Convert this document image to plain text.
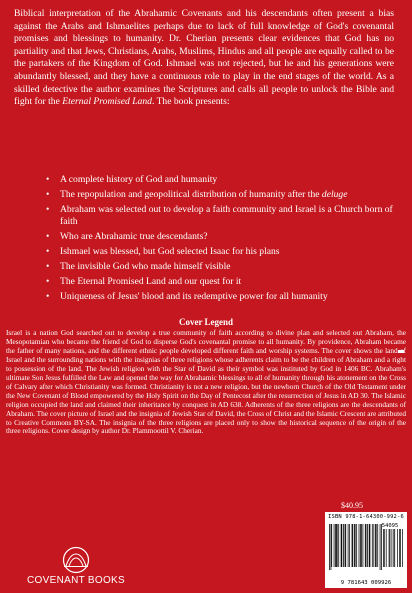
Biblical interpretation of the Abrahamic Covenants and his descendants often present a bias against the Arabs and Ishmaelites perhaps due to lack of full knowledge of God's covenantal promises and blessings to humanity. Dr. Cherian presents clear evidences that God has no partiality and that Jews, Christians, Arabs, Muslims, Hindus and all people are equally called to be the partakers of the Kingdom of God. Ishmael was not rejected, but he and his generations were abundantly blessed, and they have a continuous role to play in the end stages of the world. As a skilled detective the author examines the Scriptures and calls all people to unlock the Bible and fight for the Eternal Promised Land. The book presents:

• A complete history of God and humanity
• The repopulation and geopolitical distribution of humanity after the deluge
• Abraham was selected out to develop a faith community and Israel is a Church born of faith
• Who are Abrahamic true descendants?
• Ishmael was blessed, but God selected Isaac for his plans
• The invisible God who made himself visible
• The Eternal Promised Land and our quest for it
• Uniqueness of Jesus' blood and its redemptive power for all humanity
Cover Legend

Israel is a nation God searched out to develop a true community of faith according to divine plan and selected out Abraham, the Mesopotamian who became the friend of God to disperse God's covenantal promise to all humanity. By providence, Abraham became the father of many nations, and the different ethnic people developed different faith and worship systems. The cover shows the land of Israel and the surrounding nations with the insignias of three religions whose adherents claim to be the children of Abraham and a right to possession of the land. The Jewish religion with the Star of David as their symbol was instituted by God in 1406 BC. Abraham's ultimate Son Jesus fulfilled the Law and opened the way for Abrahamic blessings to all of humanity through his atonement on the Cross of Calvary after which Christianity was formed. Christianity is not a new religion, but the newborn Church of the Old Testament under the New Covenant of Blood empowered by the Holy Spirit on the Day of Pentecost after the resurrection of Jesus in AD 30. The Islamic religion occupied the land and claimed their inheritance by conquest in AD 638. Adherents of the three religions are the descendants of Abraham. The cover picture of Israel and the insignia of Jewish Star of David, the Cross of Christ and the Islamic Crescent are attributed to Creative Commons BY-SA. The insignia of the three religions are placed only to show the historical sequence of the origin of the three religions. Cover design by author Dr. Plammoottil V. Cherian.

$40.95
ISBN 978-1-64300-992-6
54095
9 781643 009926
COVENANT BOOKS
